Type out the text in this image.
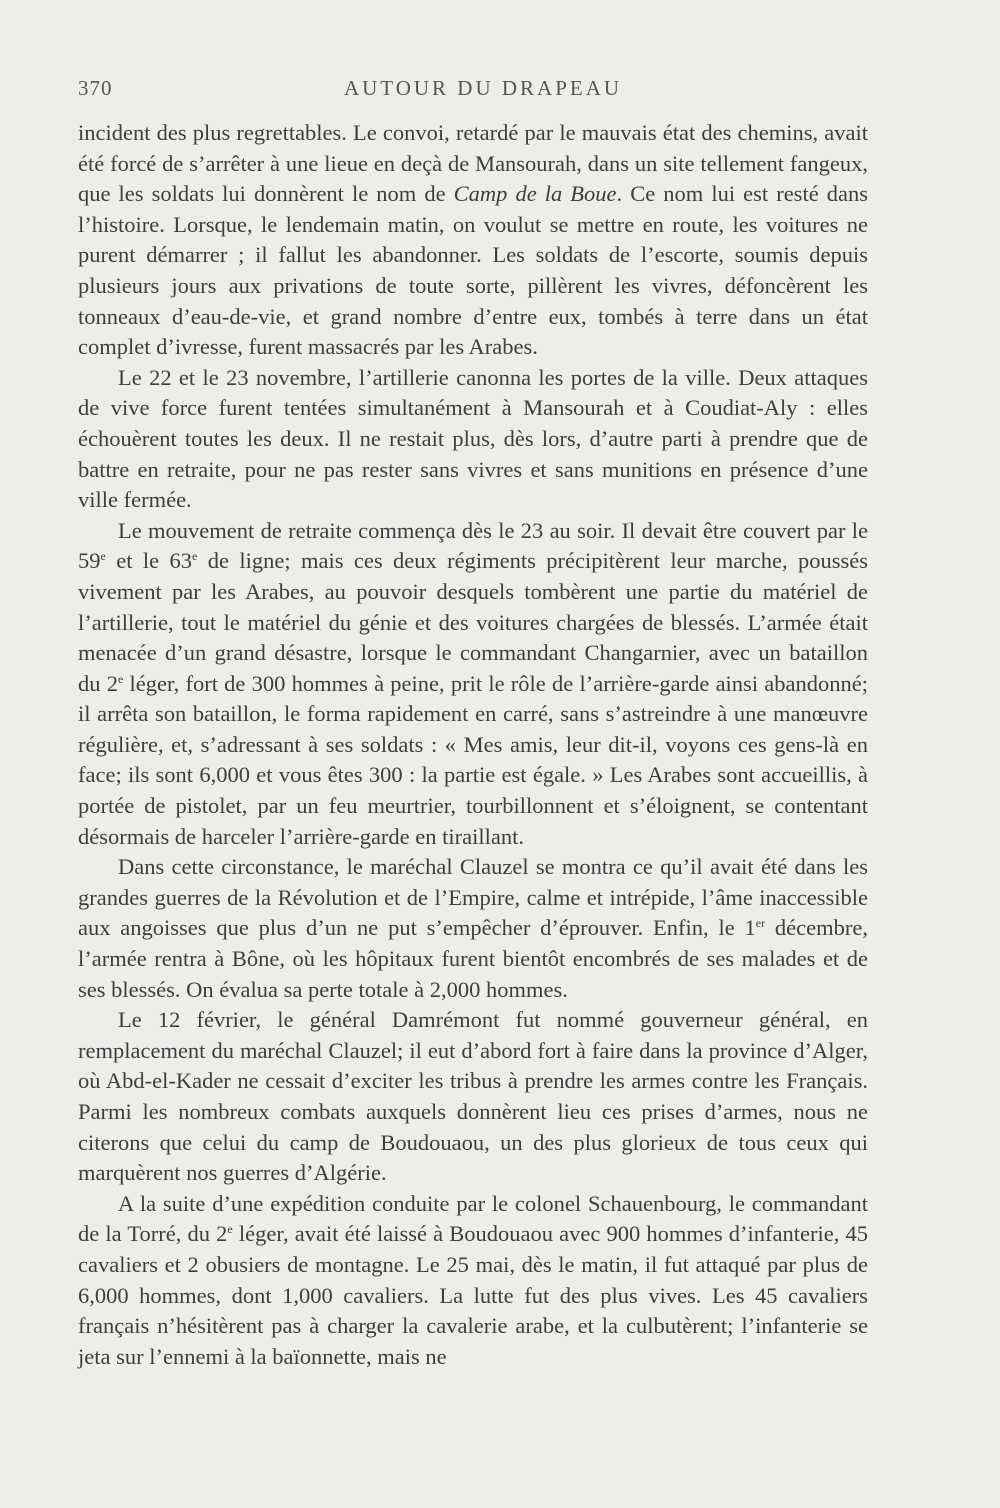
370	AUTOUR DU DRAPEAU

incident des plus regrettables. Le convoi, retardé par le mauvais état des chemins, avait été forcé de s’arrêter à une lieue en deçà de Mansourah, dans un site tellement fangeux, que les soldats lui donnèrent le nom de Camp de la Boue. Ce nom lui est resté dans l’histoire. Lorsque, le lendemain matin, on voulut se mettre en route, les voitures ne purent démarrer ; il fallut les abandonner. Les soldats de l’escorte, soumis depuis plusieurs jours aux privations de toute sorte, pillèrent les vivres, défoncèrent les tonneaux d’eau-de-vie, et grand nombre d’entre eux, tombés à terre dans un état complet d’ivresse, furent massacrés par les Arabes.

Le 22 et le 23 novembre, l’artillerie canonna les portes de la ville. Deux attaques de vive force furent tentées simultanément à Mansourah et à Coudiat-Aly : elles échouèrent toutes les deux. Il ne restait plus, dès lors, d’autre parti à prendre que de battre en retraite, pour ne pas rester sans vivres et sans munitions en présence d’une ville fermée.

Le mouvement de retraite commença dès le 23 au soir. Il devait être couvert par le 59e et le 63e de ligne; mais ces deux régiments précipitèrent leur marche, poussés vivement par les Arabes, au pouvoir desquels tombèrent une partie du matériel de l’artillerie, tout le matériel du génie et des voitures chargées de blessés. L’armée était menacée d’un grand désastre, lorsque le commandant Changarnier, avec un bataillon du 2e léger, fort de 300 hommes à peine, prit le rôle de l’arrière-garde ainsi abandonné; il arrêta son bataillon, le forma rapidement en carré, sans s’astreindre à une manœuvre régulière, et, s’adressant à ses soldats : « Mes amis, leur dit-il, voyons ces gens-là en face; ils sont 6,000 et vous êtes 300 : la partie est égale. » Les Arabes sont accueillis, à portée de pistolet, par un feu meurtrier, tourbillonnent et s’éloignent, se contentant désormais de harceler l’arrière-garde en tiraillant.

Dans cette circonstance, le maréchal Clauzel se montra ce qu’il avait été dans les grandes guerres de la Révolution et de l’Empire, calme et intrépide, l’âme inaccessible aux angoisses que plus d’un ne put s’empêcher d’éprouver. Enfin, le 1er décembre, l’armée rentra à Bône, où les hôpitaux furent bientôt encombrés de ses malades et de ses blessés. On évalua sa perte totale à 2,000 hommes.

Le 12 février, le général Damrémont fut nommé gouverneur général, en remplacement du maréchal Clauzel; il eut d’abord fort à faire dans la province d’Alger, où Abd-el-Kader ne cessait d’exciter les tribus à prendre les armes contre les Français. Parmi les nombreux combats auxquels donnèrent lieu ces prises d’armes, nous ne citerons que celui du camp de Boudouaou, un des plus glorieux de tous ceux qui marquèrent nos guerres d’Algérie.

A la suite d’une expédition conduite par le colonel Schauenbourg, le commandant de la Torré, du 2e léger, avait été laissé à Boudouaou avec 900 hommes d’infanterie, 45 cavaliers et 2 obusiers de montagne. Le 25 mai, dès le matin, il fut attaqué par plus de 6,000 hommes, dont 1,000 cavaliers. La lutte fut des plus vives. Les 45 cavaliers français n’hésitèrent pas à charger la cavalerie arabe, et la culbutèrent; l’infanterie se jeta sur l’ennemi à la baïonnette, mais ne
